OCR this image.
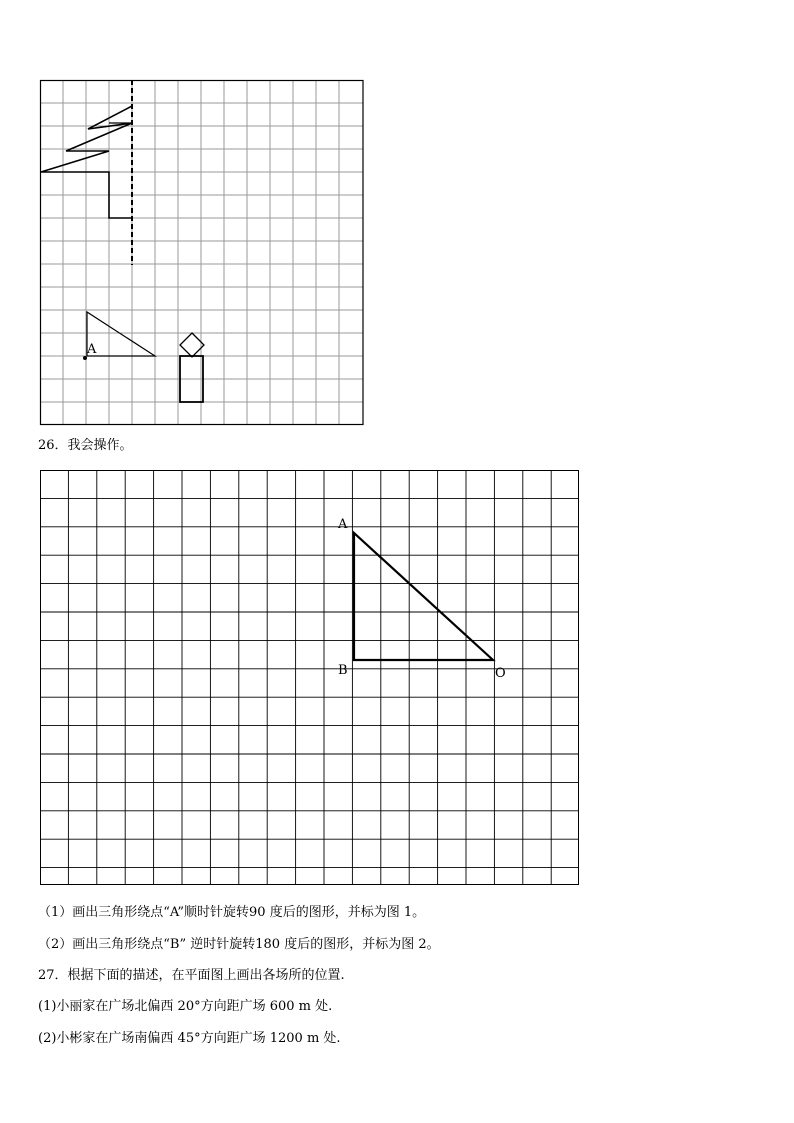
A
26．我会操作。
A
B	O
（1）画出三角形绕点“A”顺时针旋转90 度后的图形，并标为图 1。
（2）画出三角形绕点“B” 逆时针旋转180 度后的图形，并标为图 2。
27．根据下面的描述，在平面图上画出各场所的位置.
(1)小丽家在广场北偏西 20°方向距广场 600 m 处.
(2)小彬家在广场南偏西 45°方向距广场 1200 m 处.
